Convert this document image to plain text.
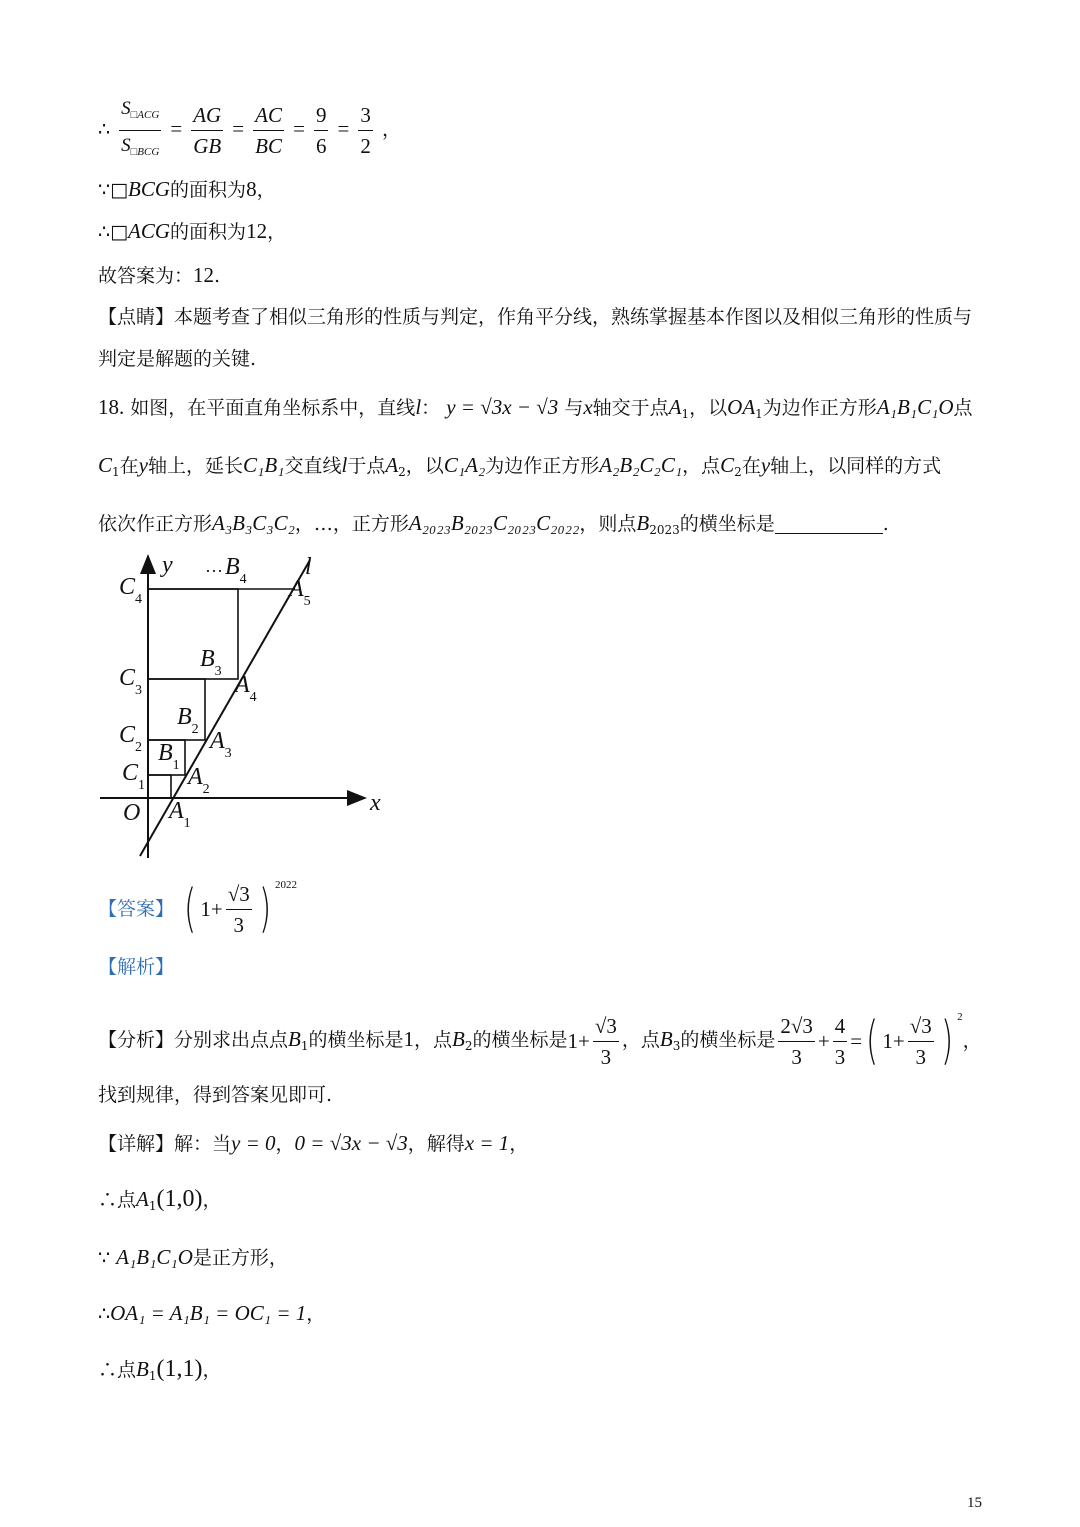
∴ $\frac{S_{□ACG}}{S_{□BCG}} = \frac{AG}{GB} = \frac{AC}{BC} = \frac{9}{6} = \frac{3}{2}$ ，
∵□BCG的面积为8，
∴□ACG的面积为12，
故答案为：12.
【点睛】本题考查了相似三角形的性质与判定，作角平分线，熟练掌握基本作图以及相似三角形的性质与
判定是解题的关键.
18. 如图，在平面直角坐标系中，直线l： y = √3x − √3 与x轴交于点$A_1$，以$OA_1$为边作正方形A₁B₁C₁O点
$C_1$在y轴上，延长C₁B₁交直线l于点$A_2$，以C₁A₂为边作正方形A₂B₂C₂C₁，点$C_2$在y轴上，以同样的方式
依次作正方形A₃B₃C₃C₂，…，正方形A₂₀₂₃B₂₀₂₃C₂₀₂₃C₂₀₂₂，则点$B_{2023}$的横坐标是	.
y
x
l
O
…
$C_4$
$C_3$
$C_2$
$C_1$
$B_4$
$B_3$
$B_2$
$B_1$
$A_5$
$A_4$
$A_3$
$A_2$
$A_1$
【答案】 ( $1+ \frac{√3}{3}$ ) $^{2022}$
【解析】
【分析】分别求出点点$B_1$的横坐标是1，点$B_2$的横坐标是$1+ \frac{√3}{3}$ ，点$B_3$的横坐标是 $\frac{2√3}{3} + \frac{4}{3}$ =( $1+ \frac{√3}{3}$ ) $^2$，
找到规律，得到答案见即可.
【详解】解：当y = 0，0 = √3x − √3，解得x = 1，
∴点$A_1(1,0)$，
∵ A₁B₁C₁O是正方形，
∴OA₁ = A₁B₁ = OC₁ = 1，
∴点$B_1(1,1)$，
15
